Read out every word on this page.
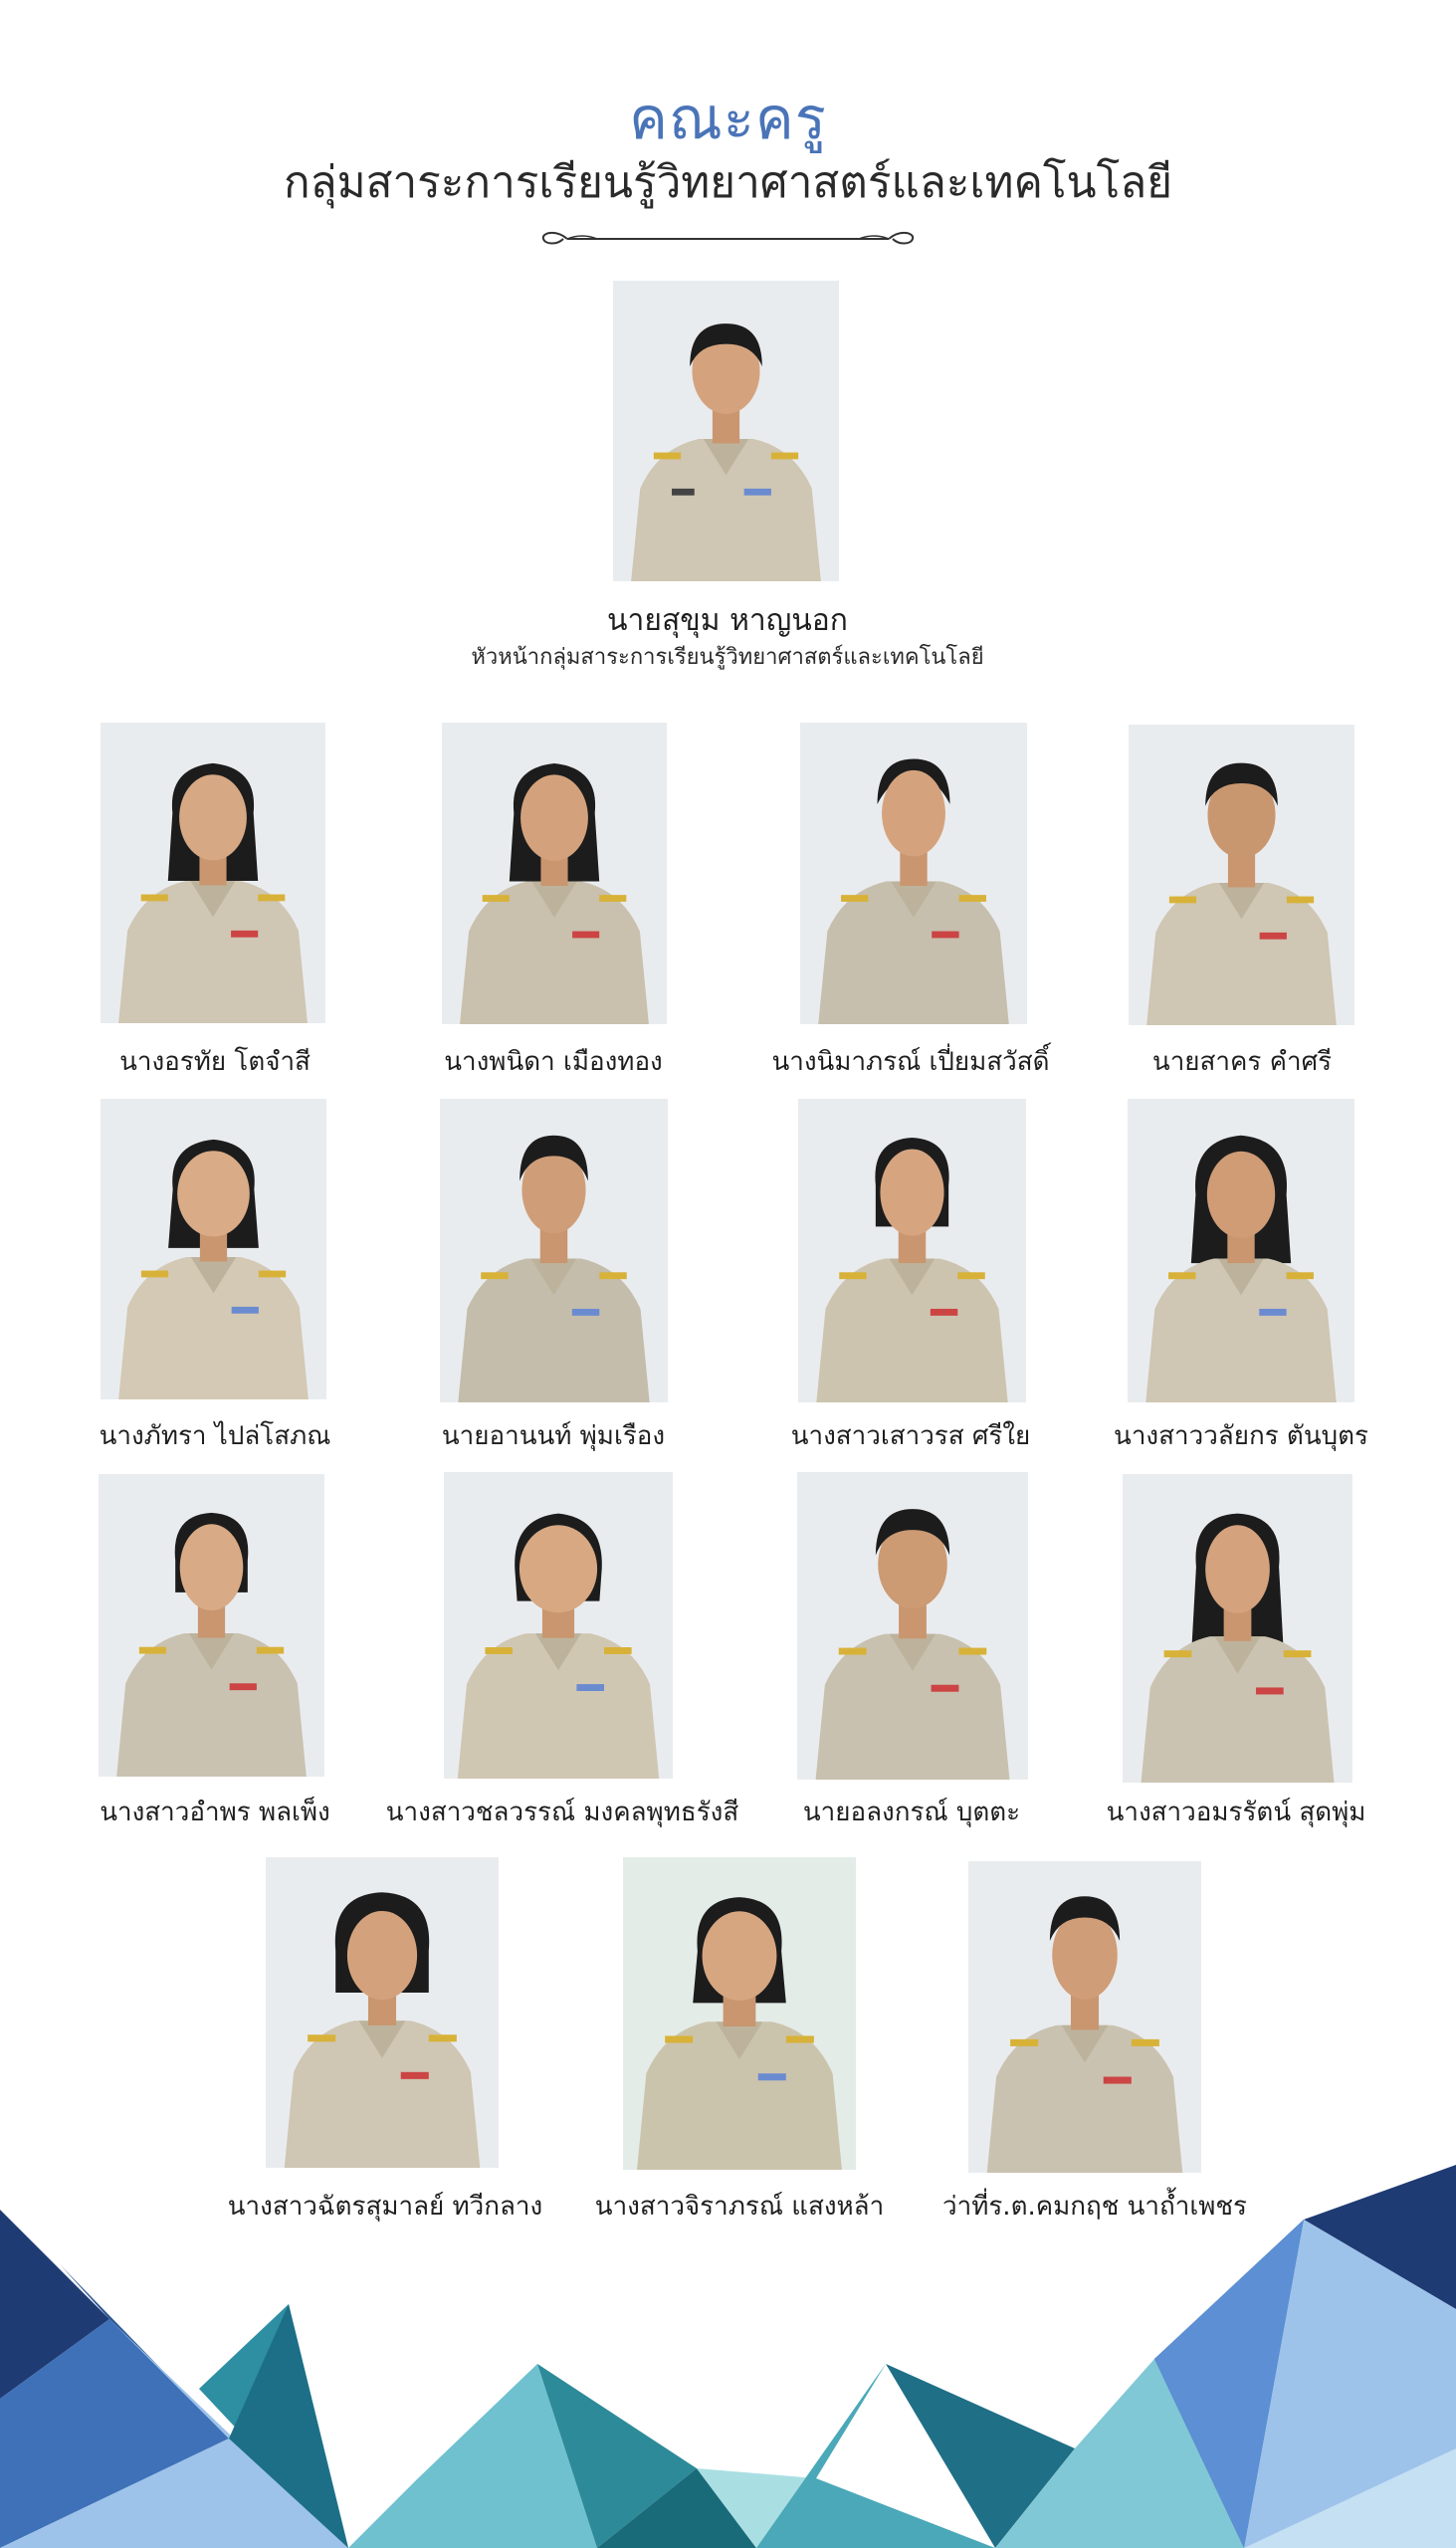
คณะครู
กลุ่มสาระการเรียนรู้วิทยาศาสตร์และเทคโนโลยี
นายสุขุม หาญนอก
หัวหน้ากลุ่มสาระการเรียนรู้วิทยาศาสตร์และเทคโนโลยี
นางอรทัย โตจำสี	นางพนิดา เมืองทอง	นางนิมาภรณ์ เปี่ยมสวัสดิ์	นายสาคร คำศรี
นางภัทรา ไปล่โสภณ	นายอานนท์ พุ่มเรือง	นางสาวเสาวรส ศรีใย	นางสาววลัยกร ตันบุตร
นางสาวอำพร พลเพ็ง นางสาวชลวรรณ์ มงคลพุทธรังสี นายอลงกรณ์ บุตตะ	นางสาวอมรรัตน์ สุดพุ่ม
นางสาวฉัตรสุมาลย์ ทวีกลาง นางสาวจิราภรณ์ แสงหล้า ว่าที่ร.ต.คมกฤช นาถ้ำเพชร
